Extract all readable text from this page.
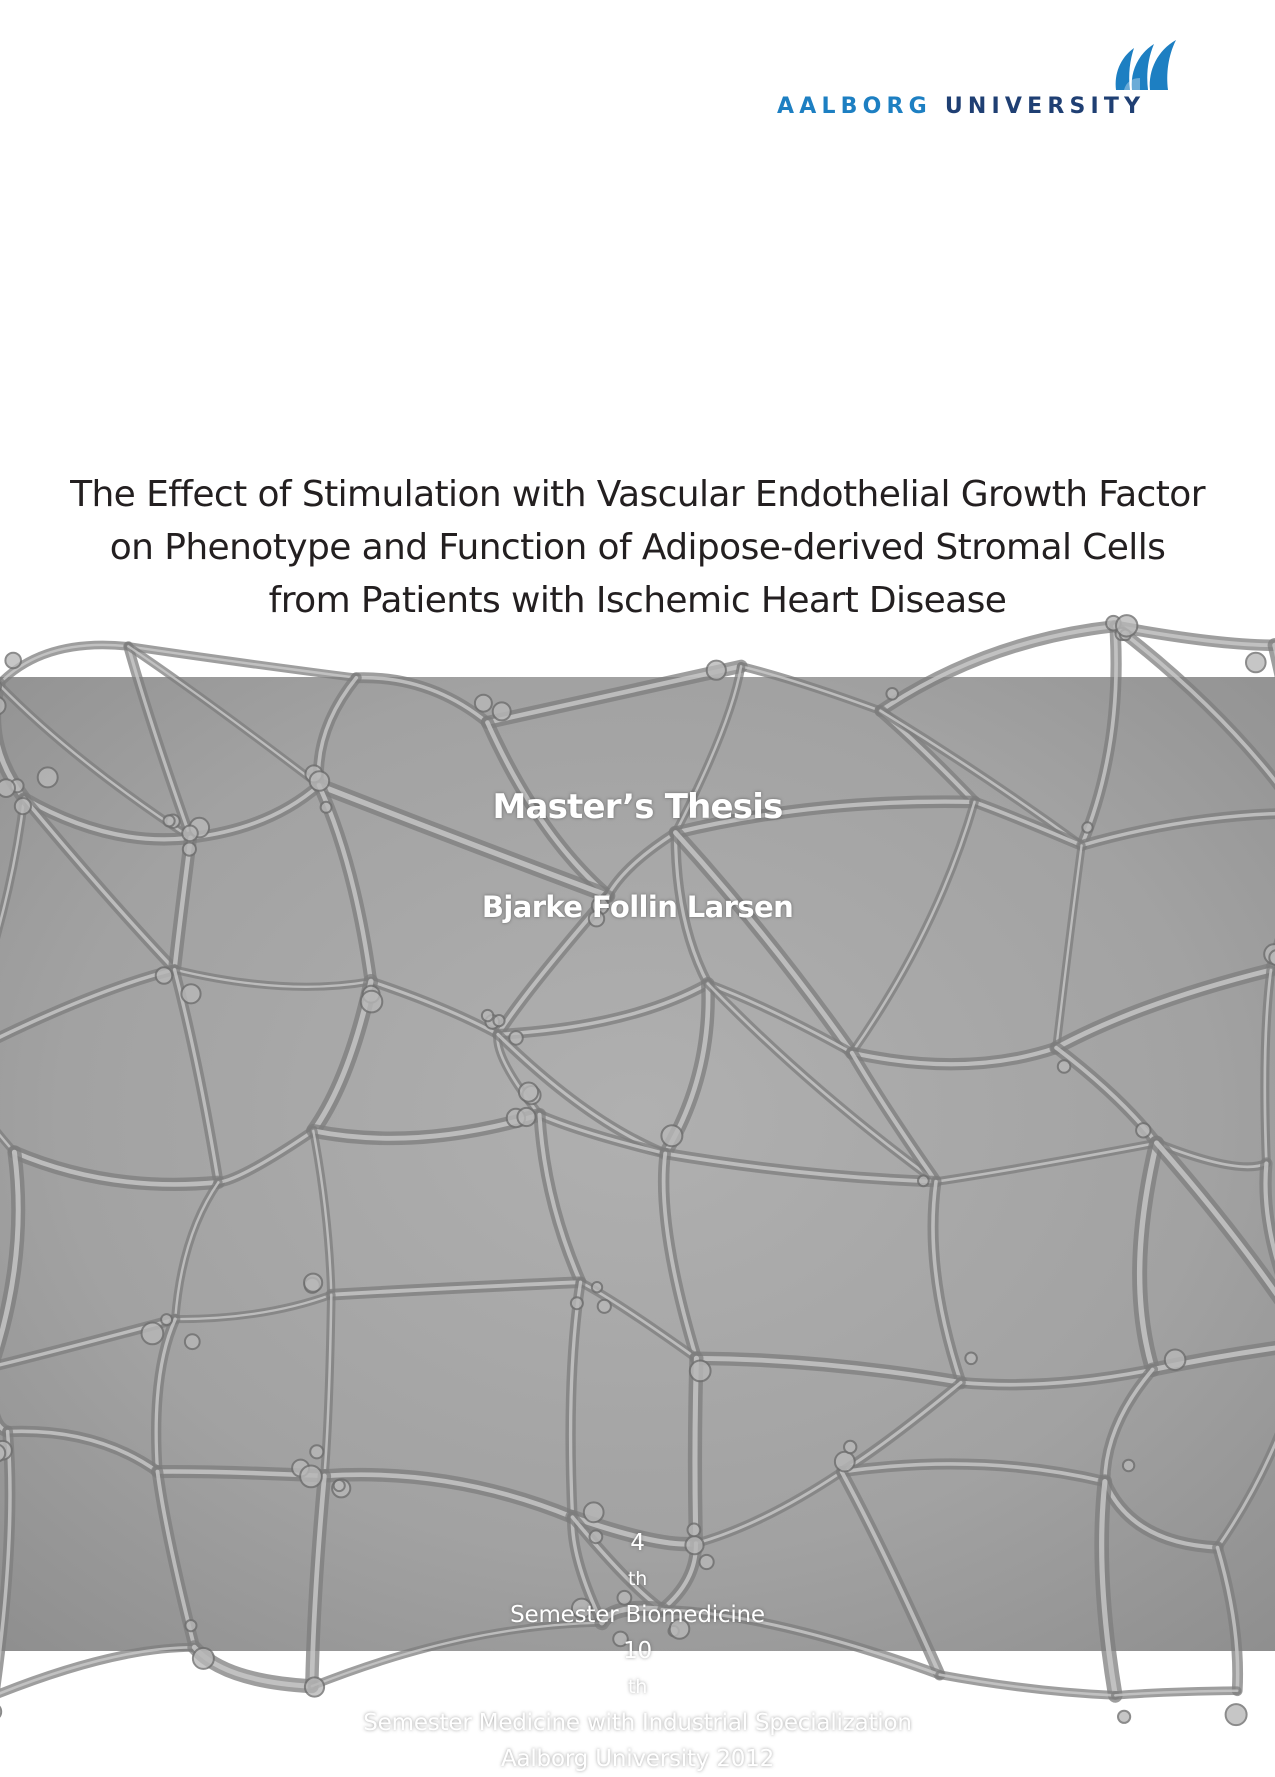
AALBORG UNIVERSITY
The Effect of Stimulation with Vascular Endothelial Growth Factor
on Phenotype and Function of Adipose-derived Stromal Cells
from Patients with Ischemic Heart Disease
Master’s Thesis
Bjarke Follin Larsen
4
th
Semester Biomedicine
10
th
Semester Medicine with Industrial Specialization
Aalborg University 2012
